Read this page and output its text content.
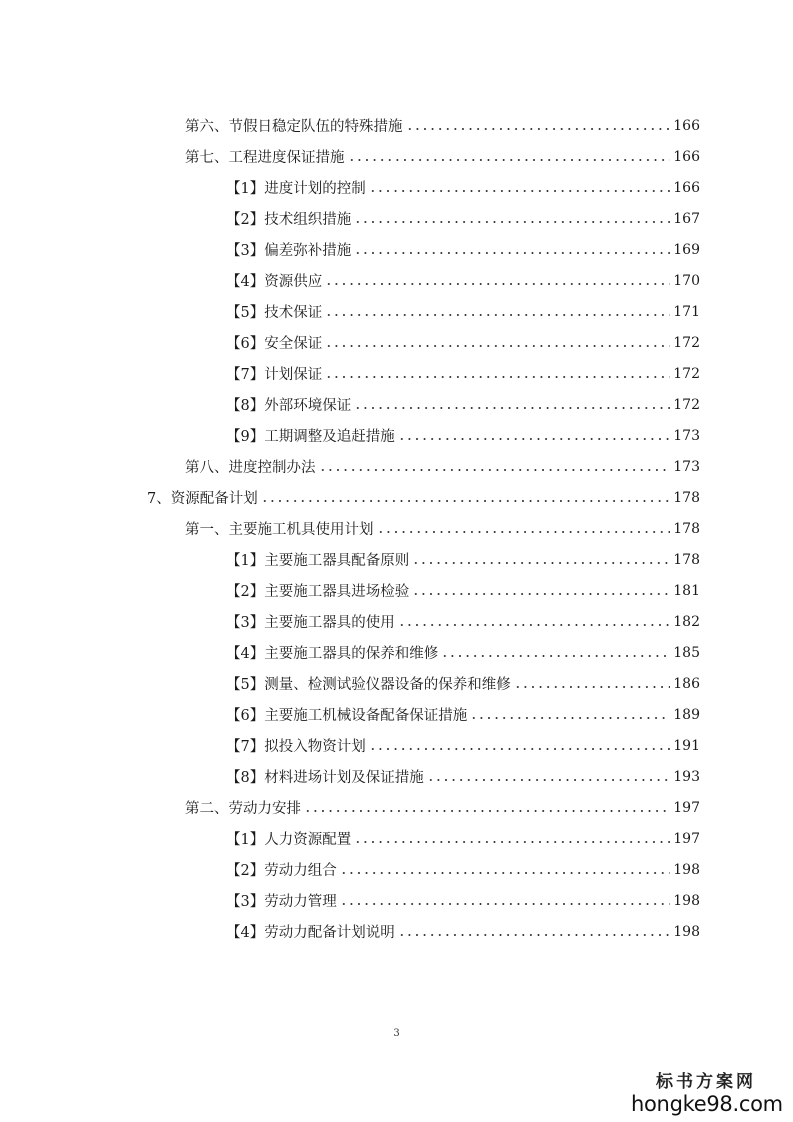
第六、节假日稳定队伍的特殊措施	166
第七、工程进度保证措施	166
【1】进度计划的控制	166
【2】技术组织措施	167
【3】偏差弥补措施	169
【4】资源供应	170
【5】技术保证	171
【6】安全保证	172
【7】计划保证	172
【8】外部环境保证	172
【9】工期调整及追赶措施	173
第八、进度控制办法	173
7、资源配备计划	178
第一、主要施工机具使用计划	178
【1】主要施工器具配备原则	178
【2】主要施工器具进场检验	181
【3】主要施工器具的使用	182
【4】主要施工器具的保养和维修	185
【5】测量、检测试验仪器设备的保养和维修	186
【6】主要施工机械设备配备保证措施	189
【7】拟投入物资计划	191
【8】材料进场计划及保证措施	193
第二、劳动力安排	197
【1】人力资源配置	197
【2】劳动力组合	198
【3】劳动力管理	198
【4】劳动力配备计划说明	198
3
标书方案网
hongke98.com
